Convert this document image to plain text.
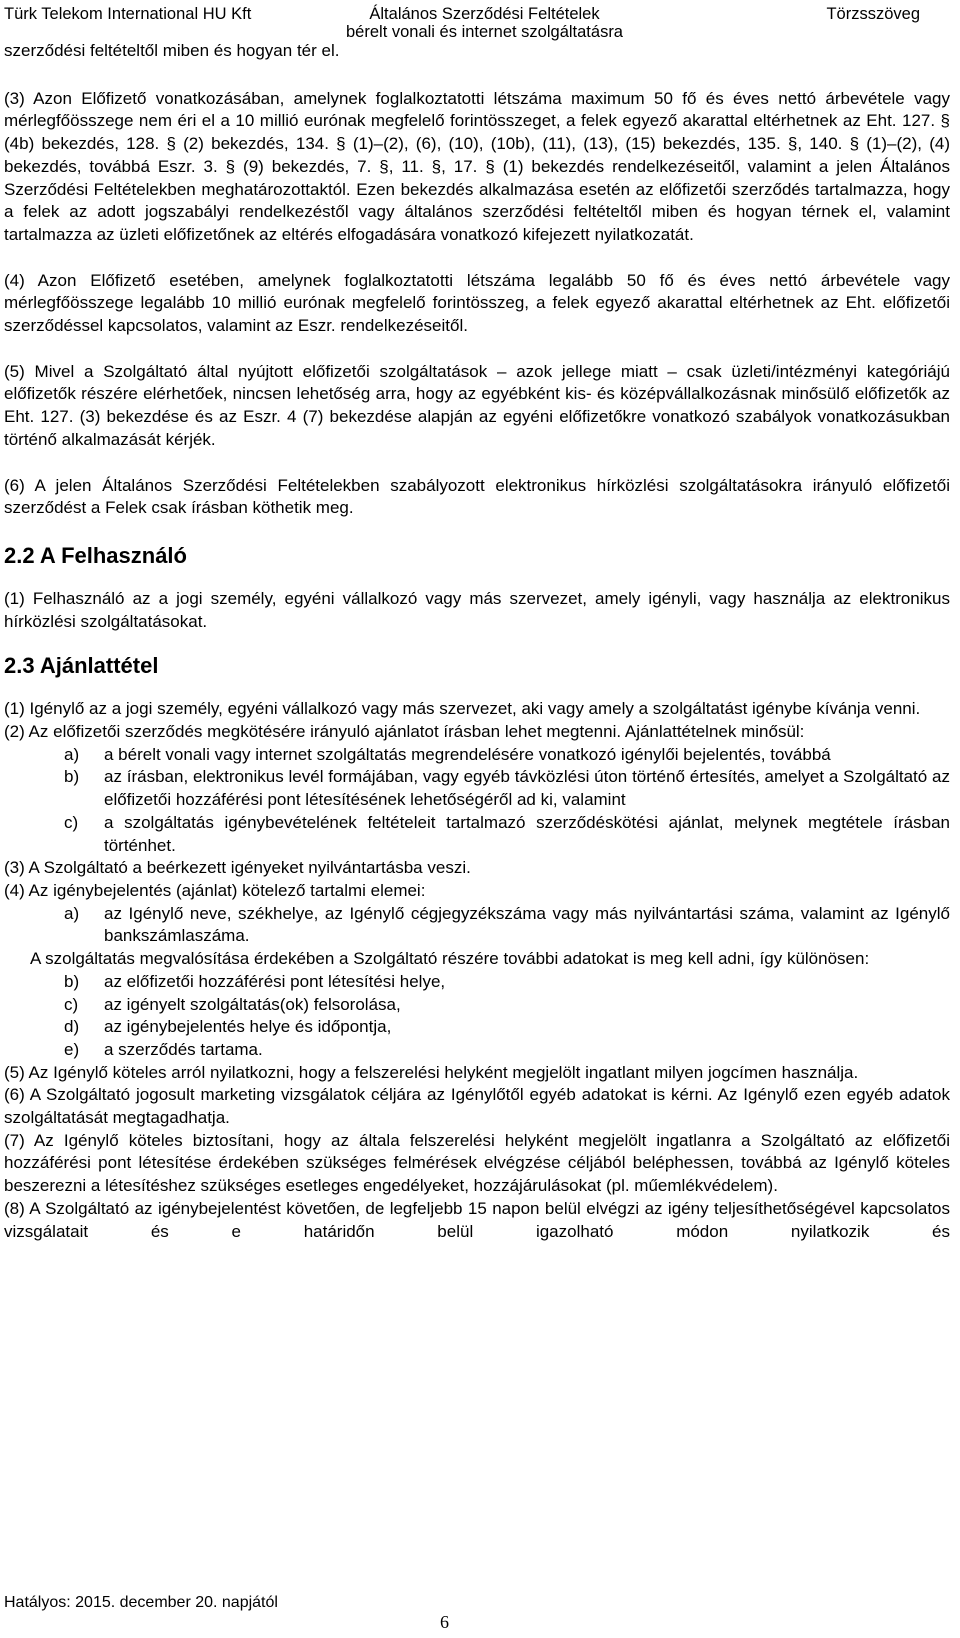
Türk Telekom International HU Kft	Általános Szerződési Feltételek
bérelt vonali és internet szolgáltatásra
Törzsszöveg

szerződési feltételtől miben és hogyan tér el.

(3) Azon Előfizető vonatkozásában, amelynek foglalkoztatotti létszáma maximum 50 fő és éves nettó árbevétele vagy mérlegfőösszege nem éri el a 10 millió eurónak megfelelő forintösszeget, a felek egyező akarattal eltérhetnek az Eht. 127. § (4b) bekezdés, 128. § (2) bekezdés, 134. § (1)–(2), (6), (10), (10b), (11), (13), (15) bekezdés, 135. §, 140. § (1)–(2), (4) bekezdés, továbbá Eszr. 3. § (9) bekezdés, 7. §, 11. §, 17. § (1) bekezdés rendelkezéseitől, valamint a jelen Általános Szerződési Feltételekben meghatározottaktól. Ezen bekezdés alkalmazása esetén az előfizetői szerződés tartalmazza, hogy a felek az adott jogszabályi rendelkezéstől vagy általános szerződési feltételtől miben és hogyan térnek el, valamint tartalmazza az üzleti előfizetőnek az eltérés elfogadására vonatkozó kifejezett nyilatkozatát.

(4) Azon Előfizető esetében, amelynek foglalkoztatotti létszáma legalább 50 fő és éves nettó árbevétele vagy mérlegfőösszege legalább 10 millió eurónak megfelelő forintösszeg, a felek egyező akarattal eltérhetnek az Eht. előfizetői szerződéssel kapcsolatos, valamint az Eszr. rendelkezéseitől.

(5) Mivel a Szolgáltató által nyújtott előfizetői szolgáltatások – azok jellege miatt – csak üzleti/intézményi kategóriájú előfizetők részére elérhetőek, nincsen lehetőség arra, hogy az egyébként kis- és középvállalkozásnak minősülő előfizetők az Eht. 127. (3) bekezdése és az Eszr. 4 (7) bekezdése alapján az egyéni előfizetőkre vonatkozó szabályok vonatkozásukban történő alkalmazását kérjék.

(6) A jelen Általános Szerződési Feltételekben szabályozott elektronikus hírközlési szolgáltatásokra irányuló előfizetői szerződést a Felek csak írásban köthetik meg.

2.2 A Felhasználó

(1) Felhasználó az a jogi személy, egyéni vállalkozó vagy más szervezet, amely igényli, vagy használja az elektronikus hírközlési szolgáltatásokat.

2.3 Ajánlattétel

(1) Igénylő az a jogi személy, egyéni vállalkozó vagy más szervezet, aki vagy amely a szolgáltatást igénybe kívánja venni.

(2) Az előfizetői szerződés megkötésére irányuló ajánlatot írásban lehet megtenni. Ajánlattételnek minősül:

a) a bérelt vonali vagy internet szolgáltatás megrendelésére vonatkozó igénylői bejelentés, továbbá
b) az írásban, elektronikus levél formájában, vagy egyéb távközlési úton történő értesítés, amelyet a Szolgáltató az előfizetői hozzáférési pont létesítésének lehetőségéről ad ki, valamint
c) a szolgáltatás igénybevételének feltételeit tartalmazó szerződéskötési ajánlat, melynek megtétele írásban történhet.

(3) A Szolgáltató a beérkezett igényeket nyilvántartásba veszi.

(4) Az igénybejelentés (ajánlat) kötelező tartalmi elemei:

a) az Igénylő neve, székhelye, az Igénylő cégjegyzékszáma vagy más nyilvántartási száma, valamint az Igénylő bankszámlaszáma.

A szolgáltatás megvalósítása érdekében a Szolgáltató részére további adatokat is meg kell adni, így különösen:

b) az előfizetői hozzáférési pont létesítési helye,
c) az igényelt szolgáltatás(ok) felsorolása,
d) az igénybejelentés helye és időpontja,
e) a szerződés tartama.

(5) Az Igénylő köteles arról nyilatkozni, hogy a felszerelési helyként megjelölt ingatlant milyen jogcímen használja.

(6) A Szolgáltató jogosult marketing vizsgálatok céljára az Igénylőtől egyéb adatokat is kérni. Az Igénylő ezen egyéb adatok szolgáltatását megtagadhatja.

(7) Az Igénylő köteles biztosítani, hogy az általa felszerelési helyként megjelölt ingatlanra a Szolgáltató az előfizetői hozzáférési pont létesítése érdekében szükséges felmérések elvégzése céljából beléphessen, továbbá az Igénylő köteles beszerezni a létesítéshez szükséges esetleges engedélyeket, hozzájárulásokat (pl. műemlékvédelem).

(8) A Szolgáltató az igénybejelentést követően, de legfeljebb 15 napon belül elvégzi az igény teljesíthetőségével kapcsolatos vizsgálatait és e határidőn belül igazolható módon nyilatkozik és

Hatályos: 2015. december 20. napjától
6
